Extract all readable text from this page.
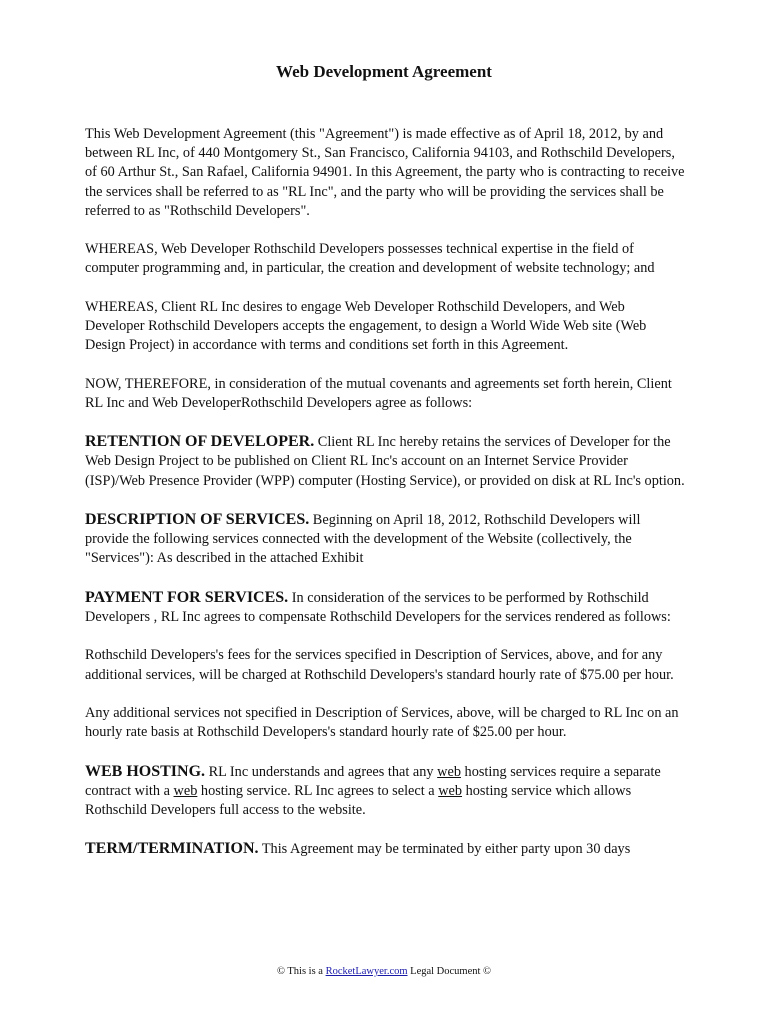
Web Development Agreement

This Web Development Agreement (this "Agreement") is made effective as of April 18, 2012, by and between RL Inc, of 440 Montgomery St., San Francisco, California 94103, and Rothschild Developers, of 60 Arthur St., San Rafael, California 94901. In this Agreement, the party who is contracting to receive the services shall be referred to as "RL Inc", and the party who will be providing the services shall be referred to as "Rothschild Developers".

WHEREAS, Web Developer Rothschild Developers possesses technical expertise in the field of computer programming and, in particular, the creation and development of website technology; and

WHEREAS, Client RL Inc desires to engage Web Developer Rothschild Developers, and Web Developer Rothschild Developers accepts the engagement, to design a World Wide Web site (Web Design Project) in accordance with terms and conditions set forth in this Agreement.

NOW, THEREFORE, in consideration of the mutual covenants and agreements set forth herein, Client RL Inc and Web DeveloperRothschild Developers agree as follows:

RETENTION OF DEVELOPER. Client RL Inc hereby retains the services of Developer for the Web Design Project to be published on Client RL Inc's account on an Internet Service Provider (ISP)/Web Presence Provider (WPP) computer (Hosting Service), or provided on disk at RL Inc's option.

DESCRIPTION OF SERVICES. Beginning on April 18, 2012, Rothschild Developers will provide the following services connected with the development of the Website (collectively, the "Services"): As described in the attached Exhibit

PAYMENT FOR SERVICES. In consideration of the services to be performed by Rothschild Developers , RL Inc agrees to compensate Rothschild Developers for the services rendered as follows:

Rothschild Developers's fees for the services specified in Description of Services, above, and for any additional services, will be charged at Rothschild Developers's standard hourly rate of $75.00 per hour.

Any additional services not specified in Description of Services, above, will be charged to RL Inc on an hourly rate basis at Rothschild Developers's standard hourly rate of $25.00 per hour.

WEB HOSTING. RL Inc understands and agrees that any web hosting services require a separate contract with a web hosting service. RL Inc agrees to select a web hosting service which allows Rothschild Developers full access to the website.

TERM/TERMINATION. This Agreement may be terminated by either party upon 30 days

© This is a RocketLawyer.com Legal Document ©
